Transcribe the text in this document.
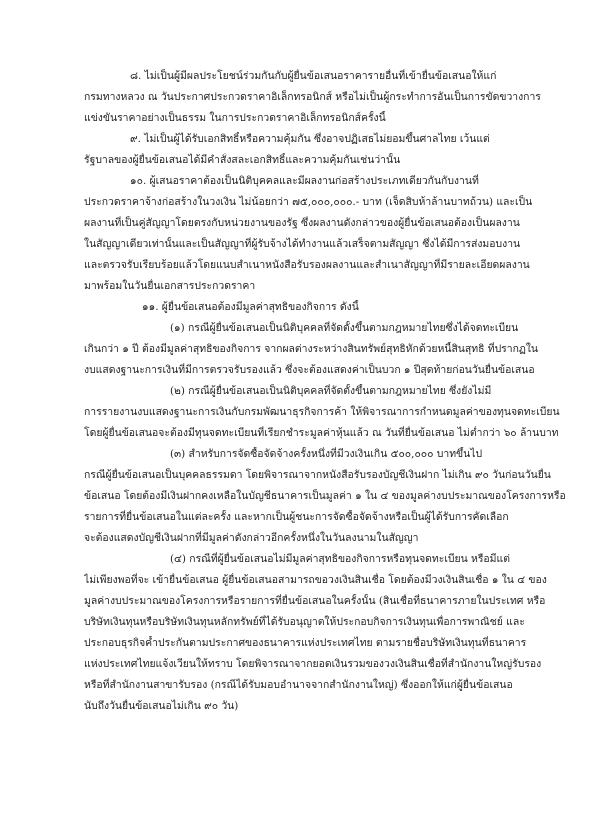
๘. ไม่เป็นผู้มีผลประโยชน์ร่วมกันกับผู้ยื่นข้อเสนอราคารายอื่นที่เข้ายื่นข้อเสนอให้แก่
กรมทางหลวง ณ วันประกาศประกวดราคาอิเล็กทรอนิกส์ หรือไม่เป็นผู้กระทำการอันเป็นการขัดขวางการ
แข่งขันราคาอย่างเป็นธรรม ในการประกวดราคาอิเล็กทรอนิกส์ครั้งนี้
๙. ไม่เป็นผู้ได้รับเอกสิทธิ์หรือความคุ้มกัน ซึ่งอาจปฏิเสธไม่ยอมขึ้นศาลไทย เว้นแต่
รัฐบาลของผู้ยื่นข้อเสนอได้มีคำสั่งสละเอกสิทธิ์และความคุ้มกันเช่นว่านั้น
๑๐. ผู้เสนอราคาต้องเป็นนิติบุคคลและมีผลงานก่อสร้างประเภทเดียวกันกับงานที่
ประกวดราคาจ้างก่อสร้างในวงเงิน ไม่น้อยกว่า ๗๕,๐๐๐,๐๐๐.- บาท (เจ็ดสิบห้าล้านบาทถ้วน) และเป็น
ผลงานที่เป็นคู่สัญญาโดยตรงกับหน่วยงานของรัฐ ซึ่งผลงานดังกล่าวของผู้ยื่นข้อเสนอต้องเป็นผลงาน
ในสัญญาเดียวเท่านั้นและเป็นสัญญาที่ผู้รับจ้างได้ทำงานแล้วเสร็จตามสัญญา ซึ่งได้มีการส่งมอบงาน
และตรวจรับเรียบร้อยแล้วโดยแนบสำเนาหนังสือรับรองผลงานและสำเนาสัญญาที่มีรายละเอียดผลงาน
มาพร้อมในวันยื่นเอกสารประกวดราคา
๑๑. ผู้ยื่นข้อเสนอต้องมีมูลค่าสุทธิของกิจการ ดังนี้
(๑) กรณีผู้ยื่นข้อเสนอเป็นนิติบุคคลที่จัดตั้งขึ้นตามกฎหมายไทยซึ่งได้จดทะเบียน
เกินกว่า ๑ ปี ต้องมีมูลค่าสุทธิของกิจการ จากผลต่างระหว่างสินทรัพย์สุทธิหักด้วยหนี้สินสุทธิ ที่ปรากฏใน
งบแสดงฐานะการเงินที่มีการตรวจรับรองแล้ว ซึ่งจะต้องแสดงค่าเป็นบวก ๑ ปีสุดท้ายก่อนวันยื่นข้อเสนอ
(๒) กรณีผู้ยื่นข้อเสนอเป็นนิติบุคคลที่จัดตั้งขึ้นตามกฎหมายไทย ซึ่งยังไม่มี
การรายงานงบแสดงฐานะการเงินกับกรมพัฒนาธุรกิจการค้า ให้พิจารณาการกำหนดมูลค่าของทุนจดทะเบียน
โดยผู้ยื่นข้อเสนอจะต้องมีทุนจดทะเบียนที่เรียกชำระมูลค่าหุ้นแล้ว ณ วันที่ยื่นข้อเสนอ ไม่ต่ำกว่า ๖๐ ล้านบาท
(๓) สำหรับการจัดซื้อจัดจ้างครั้งหนึ่งที่มีวงเงินเกิน ๕๐๐,๐๐๐ บาทขึ้นไป
กรณีผู้ยื่นข้อเสนอเป็นบุคคลธรรมดา โดยพิจารณาจากหนังสือรับรองบัญชีเงินฝาก ไม่เกิน ๙๐ วันก่อนวันยื่น
ข้อเสนอ โดยต้องมีเงินฝากคงเหลือในบัญชีธนาคารเป็นมูลค่า ๑ ใน ๔ ของมูลค่างบประมาณของโครงการหรือ
รายการที่ยื่นข้อเสนอในแต่ละครั้ง และหากเป็นผู้ชนะการจัดซื้อจัดจ้างหรือเป็นผู้ได้รับการคัดเลือก
จะต้องแสดงบัญชีเงินฝากที่มีมูลค่าดังกล่าวอีกครั้งหนึ่งในวันลงนามในสัญญา
(๔) กรณีที่ผู้ยื่นข้อเสนอไม่มีมูลค่าสุทธิของกิจการหรือทุนจดทะเบียน หรือมีแต่
ไม่เพียงพอที่จะ เข้ายื่นข้อเสนอ ผู้ยื่นข้อเสนอสามารถขอวงเงินสินเชื่อ โดยต้องมีวงเงินสินเชื่อ ๑ ใน ๔ ของ
มูลค่างบประมาณของโครงการหรือรายการที่ยื่นข้อเสนอในครั้งนั้น (สินเชื่อที่ธนาคารภายในประเทศ หรือ
บริษัทเงินทุนหรือบริษัทเงินทุนหลักทรัพย์ที่ได้รับอนุญาตให้ประกอบกิจการเงินทุนเพื่อการพาณิชย์ และ
ประกอบธุรกิจค้ำประกันตามประกาศของธนาคารแห่งประเทศไทย ตามรายชื่อบริษัทเงินทุนที่ธนาคาร
แห่งประเทศไทยแจ้งเวียนให้ทราบ โดยพิจารณาจากยอดเงินรวมของวงเงินสินเชื่อที่สำนักงานใหญ่รับรอง
หรือที่สำนักงานสาขารับรอง (กรณีได้รับมอบอำนาจจากสำนักงานใหญ่) ซึ่งออกให้แก่ผู้ยื่นข้อเสนอ
นับถึงวันยื่นข้อเสนอไม่เกิน ๙๐ วัน)
